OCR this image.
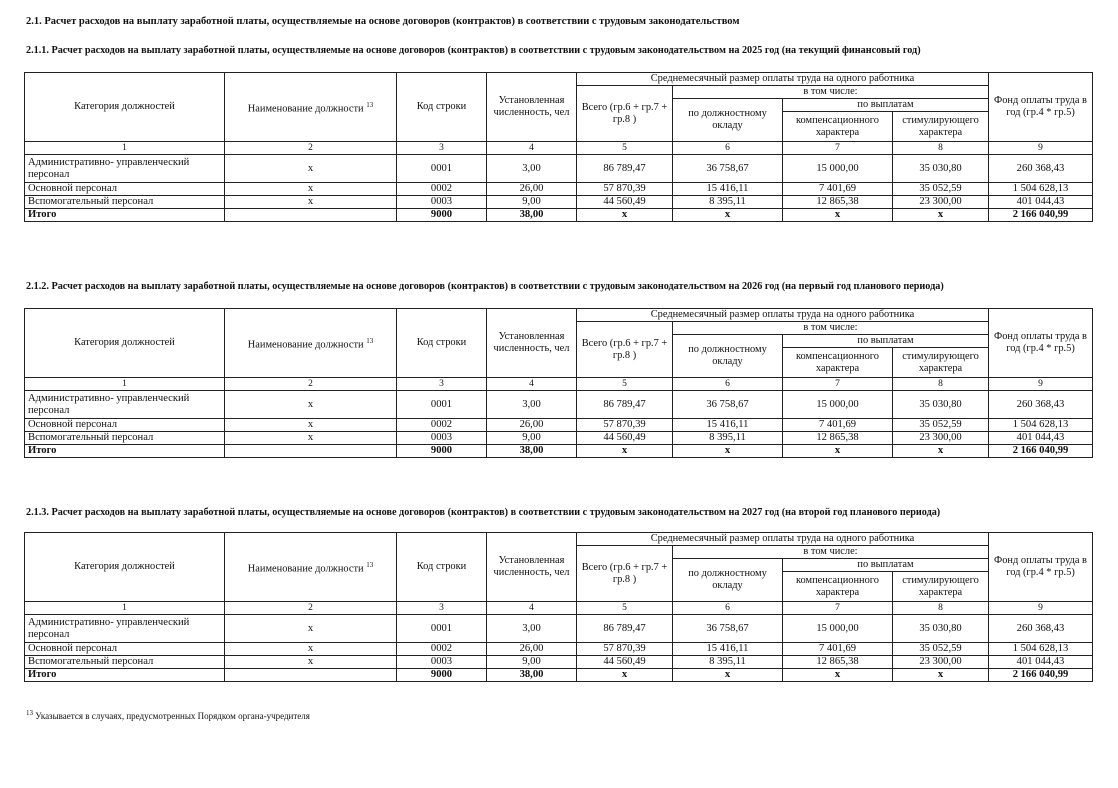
2.1. Расчет расходов на выплату заработной платы, осуществляемые на основе договоров (контрактов) в соответствии с трудовым законодательством
2.1.1. Расчет расходов на выплату заработной платы, осуществляемые на основе договоров (контрактов) в соответствии с трудовым законодательством на 2025 год (на текущий финансовый год)
Категория должностей	Наименование должности $^{13}$	Код строки	Установленная численность, чел	Среднемесячный размер оплаты труда на одного работника				Фонд оплаты труда в год (гр.4 * гр.5)
				Всего (гр.6 + гр.7 + гр.8 )	в том числе:			
					по должностному окладу	по выплатам		
						компенсационного характера	стимулирующего характера	
1	2	3	4	5	6	7	8	9
Административно- управленческий персонал	х	0001	3,00	86 789,47	36 758,67	15 000,00	35 030,80	260 368,43
Основной персонал	х	0002	26,00	57 870,39	15 416,11	7 401,69	35 052,59	1 504 628,13
Вспомогательный персонал	х	0003	9,00	44 560,49	8 395,11	12 865,38	23 300,00	401 044,43
Итого		9000	38,00	х	х	х	х	2 166 040,99
2.1.2. Расчет расходов на выплату заработной платы, осуществляемые на основе договоров (контрактов) в соответствии с трудовым законодательством на 2026 год (на первый год планового периода)
Категория должностей	Наименование должности $^{13}$	Код строки	Установленная численность, чел	Среднемесячный размер оплаты труда на одного работника				Фонд оплаты труда в год (гр.4 * гр.5)
				Всего (гр.6 + гр.7 + гр.8 )	в том числе:			
					по должностному окладу	по выплатам		
						компенсационного характера	стимулирующего характера	
1	2	3	4	5	6	7	8	9
Административно- управленческий персонал	х	0001	3,00	86 789,47	36 758,67	15 000,00	35 030,80	260 368,43
Основной персонал	х	0002	26,00	57 870,39	15 416,11	7 401,69	35 052,59	1 504 628,13
Вспомогательный персонал	х	0003	9,00	44 560,49	8 395,11	12 865,38	23 300,00	401 044,43
Итого		9000	38,00	х	х	х	х	2 166 040,99
2.1.3. Расчет расходов на выплату заработной платы, осуществляемые на основе договоров (контрактов) в соответствии с трудовым законодательством на 2027 год (на второй год планового периода)
Категория должностей	Наименование должности $^{13}$	Код строки	Установленная численность, чел	Среднемесячный размер оплаты труда на одного работника				Фонд оплаты труда в год (гр.4 * гр.5)
				Всего (гр.6 + гр.7 + гр.8 )	в том числе:			
					по должностному окладу	по выплатам		
						компенсационного характера	стимулирующего характера	
1	2	3	4	5	6	7	8	9
Административно- управленческий персонал	х	0001	3,00	86 789,47	36 758,67	15 000,00	35 030,80	260 368,43
Основной персонал	х	0002	26,00	57 870,39	15 416,11	7 401,69	35 052,59	1 504 628,13
Вспомогательный персонал	х	0003	9,00	44 560,49	8 395,11	12 865,38	23 300,00	401 044,43
Итого		9000	38,00	х	х	х	х	2 166 040,99
$^{13}$ Указывается в случаях, предусмотренных Порядком органа-учредителя
